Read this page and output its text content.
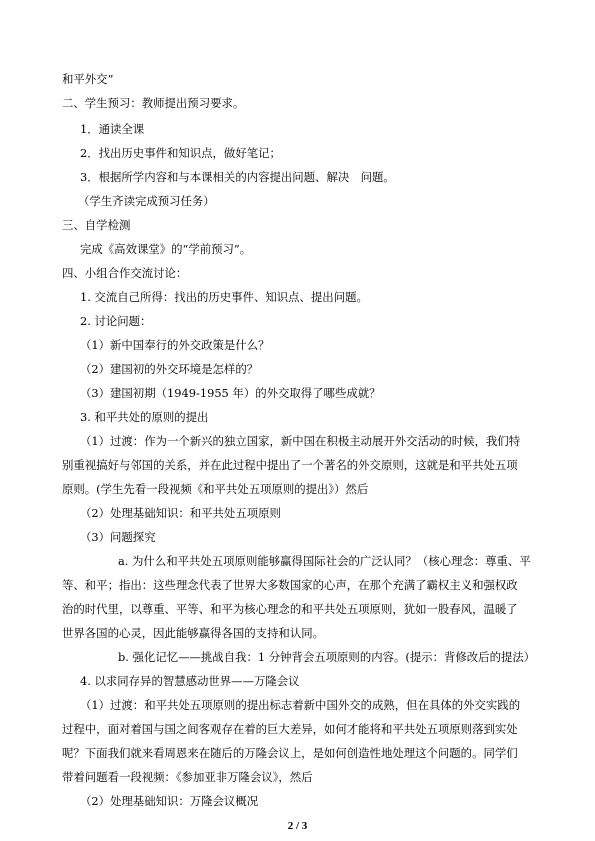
和平外交”
二、学生预习：教师提出预习要求。
1．通读全课
2．找出历史事件和知识点，做好笔记；
3．根据所学内容和与本课相关的内容提出问题、解决　问题。
（学生齐读完成预习任务）
三、自学检测
完成《高效课堂》的“学前预习”。
四、小组合作交流讨论：
1. 交流自己所得：找出的历史事件、知识点、提出问题。
2. 讨论问题：
（1）新中国奉行的外交政策是什么？
（2）建国初的外交环境是怎样的？
（3）建国初期（1949-1955 年）的外交取得了哪些成就？
3. 和平共处的原则的提出
（1）过渡：作为一个新兴的独立国家，新中国在积极主动展开外交活动的时候，我们特
别重视搞好与邻国的关系，并在此过程中提出了一个著名的外交原则，这就是和平共处五项
原则。(学生先看一段视频《和平共处五项原则的提出》）然后
（2）处理基础知识：和平共处五项原则
（3）问题探究
a. 为什么和平共处五项原则能够赢得国际社会的广泛认同？（核心理念：尊重、平
等、和平；指出：这些理念代表了世界大多数国家的心声，在那个充满了霸权主义和强权政
治的时代里，以尊重、平等、和平为核心理念的和平共处五项原则，犹如一股春风，温暖了
世界各国的心灵，因此能够赢得各国的支持和认同。
b. 强化记忆——挑战自我：1 分钟背会五项原则的内容。(提示：背修改后的提法）
4. 以求同存异的智慧感动世界——万隆会议
（1）过渡：和平共处五项原则的提出标志着新中国外交的成熟，但在具体的外交实践的
过程中，面对着国与国之间客观存在着的巨大差异，如何才能将和平共处五项原则落到实处
呢？下面我们就来看周恩来在随后的万隆会议上，是如何创造性地处理这个问题的。同学们
带着问题看一段视频：《参加亚非万隆会议》，然后
（2）处理基础知识：万隆会议概况
2 / 3
